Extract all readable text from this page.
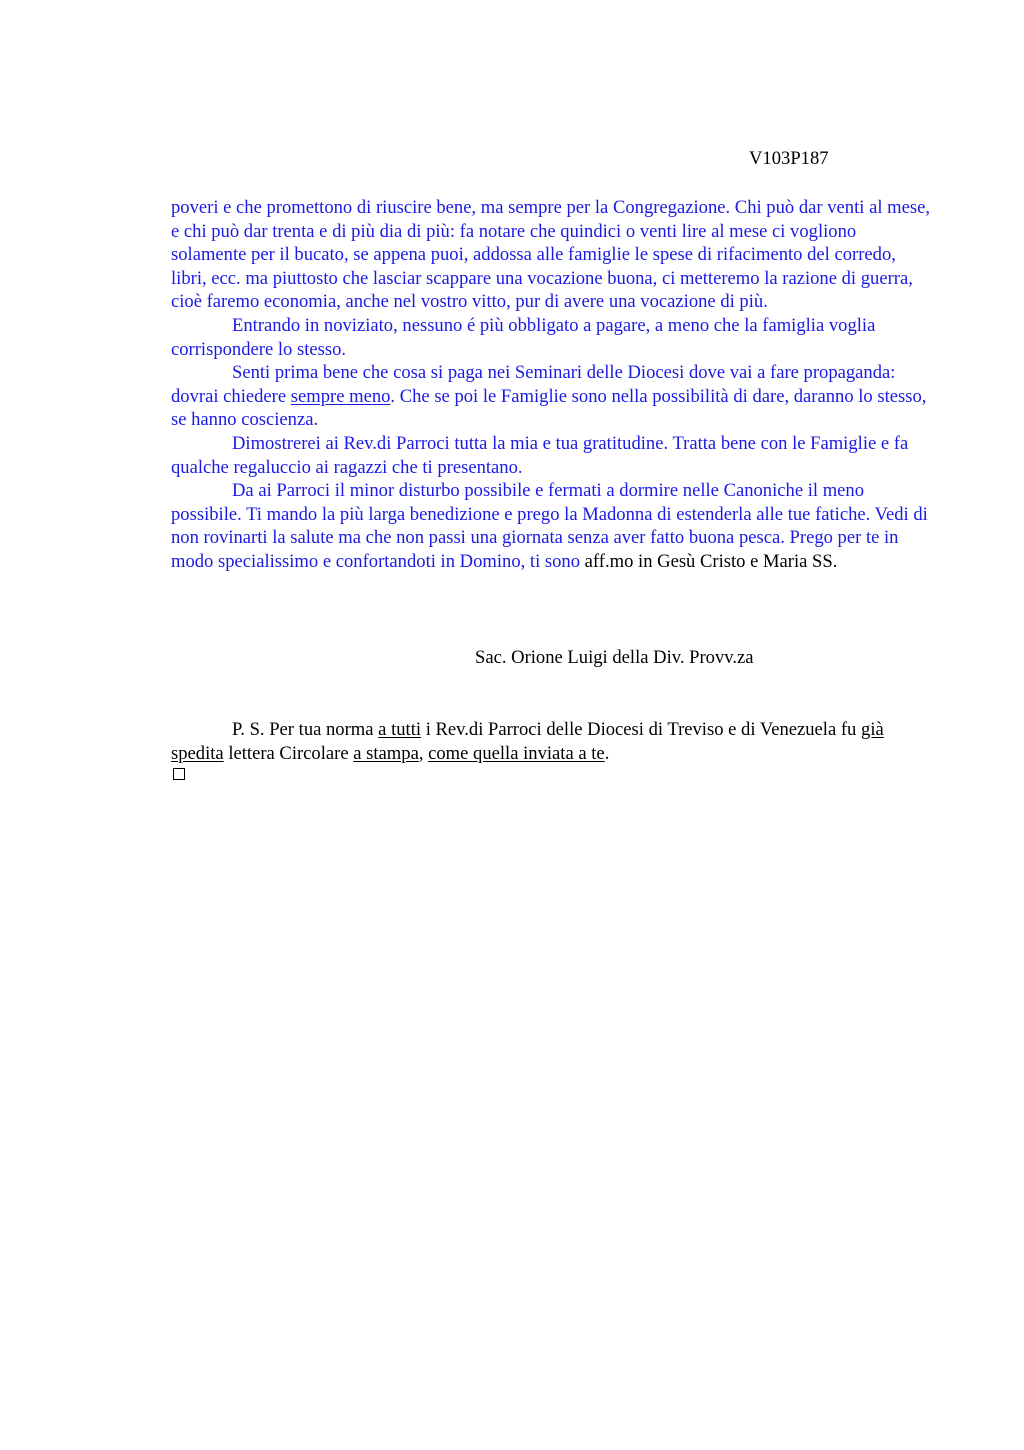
V103P187

poveri e che promettono di riuscire bene, ma sempre per la Congregazione. Chi può dar venti al mese, e chi può dar trenta e di più dia di più: fa notare che quindici o venti lire al mese ci vogliono solamente per il bucato, se appena puoi, addossa alle famiglie le spese di rifacimento del corredo, libri, ecc. ma piuttosto che lasciar scappare una vocazione buona, ci metteremo la razione di guerra, cioè faremo economia, anche nel vostro vitto, pur di avere una vocazione di più.

Entrando in noviziato, nessuno é più obbligato a pagare, a meno che la famiglia voglia corrispondere lo stesso.

Senti prima bene che cosa si paga nei Seminari delle Diocesi dove vai a fare propaganda: dovrai chiedere sempre meno. Che se poi le Famiglie sono nella possibilità di dare, daranno lo stesso, se hanno coscienza.

Dimostrerei ai Rev.di Parroci tutta la mia e tua gratitudine. Tratta bene con le Famiglie e fa qualche regaluccio ai ragazzi che ti presentano.

Da ai Parroci il minor disturbo possibile e fermati a dormire nelle Canoniche il meno possibile. Ti mando la più larga benedizione e prego la Madonna di estenderla alle tue fatiche. Vedi di non rovinarti la salute ma che non passi una giornata senza aver fatto buona pesca. Prego per te in modo specialissimo e confortandoti in Domino, ti sono aff.mo in Gesù Cristo e Maria SS.

Sac. Orione Luigi della Div. Provv.za

P. S. Per tua norma a tutti i Rev.di Parroci delle Diocesi di Treviso e di Venezuela fu già spedita lettera Circolare a stampa, come quella inviata a te.
